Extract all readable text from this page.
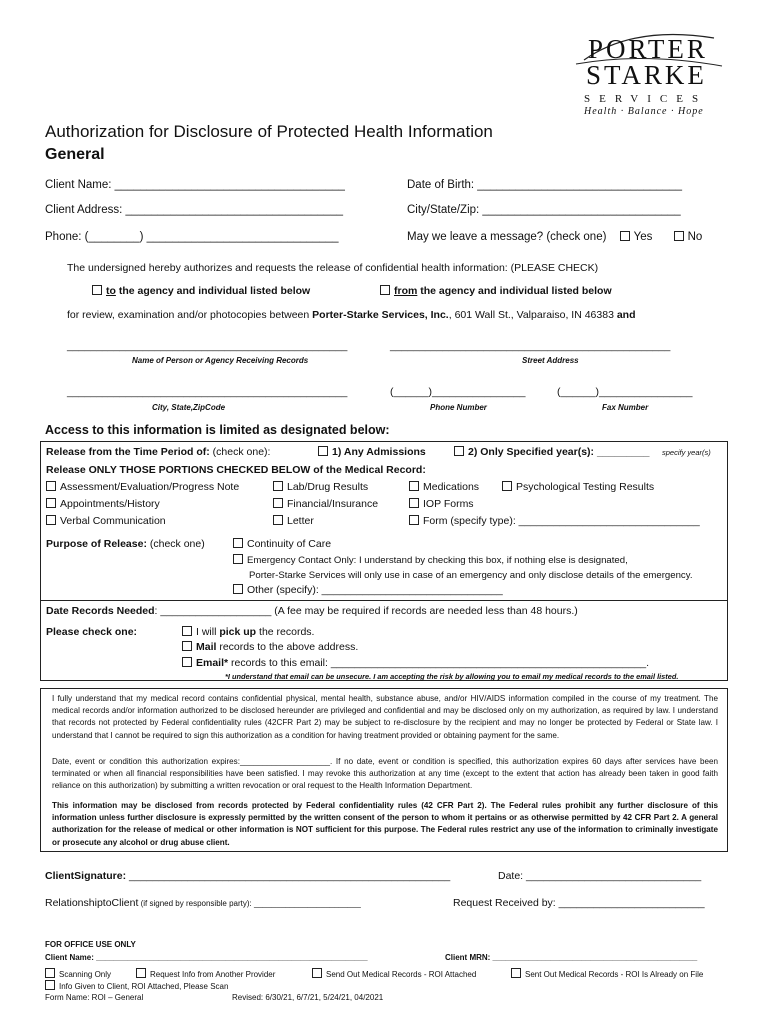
PORTER
STARKE
SERVICES
Health · Balance · Hope
Authorization for Disclosure of Protected Health Information
General
Client Name: ____________________________________	Date of Birth: ________________________________
Client Address: __________________________________	City/State/Zip: _______________________________
Phone: (________) ______________________________	May we leave a message? (check one) Yes	No
The undersigned hereby authorizes and requests the release of confidential health information: (PLEASE CHECK)
to the agency and individual listed below	from the agency and individual listed below
for review, examination and/or photocopies between Porter-Starke Services, Inc., 601 Wall St., Valparaiso, IN 46383 and
________________________________________________	________________________________________________
Name of Person or Agency Receiving Records	Street Address
________________________________________________	(______)________________	(______)________________
City, State,ZipCode	Phone Number	Fax Number
Access to this information is limited as designated below:
Release from the Time Period of: (check one):	1) Any Admissions	2) Only Specified year(s): _________ specify year(s)
Release ONLY THOSE PORTIONS CHECKED BELOW of the Medical Record:
Assessment/Evaluation/Progress Note	Lab/Drug Results	Medications	Psychological Testing Results
Appointments/History	Financial/Insurance	IOP Forms
Verbal Communication	Letter	Form (specify type): _______________________________
Purpose of Release: (check one)	Continuity of Care
Emergency Contact Only: I understand by checking this box, if nothing else is designated,
Porter-Starke Services will only use in case of an emergency and only disclose details of the emergency.
Other (specify): _______________________________
Date Records Needed: ___________________ (A fee may be required if records are needed less than 48 hours.)
Please check one:	I will pick up the records.
Mail records to the above address.
Email* records to this email: ______________________________________________________.
*I understand that email can be unsecure. I am accepting the risk by allowing you to email my medical records to the email listed.
I fully understand that my medical record contains confidential physical, mental health, substance abuse, and/or HIV/AIDS information compiled in the course of my treatment. The medical records and/or information authorized to be disclosed hereunder are privileged and confidential and may be disclosed only on my authorization, as required by law. I understand that records not protected by Federal confidentiality rules (42CFR Part 2) may be subject to re-disclosure by the recipient and may no longer be protected by Federal or State law. I understand that I cannot be required to sign this authorization as a condition for having treatment provided or obtaining payment for the same.
Date, event or condition this authorization expires:____________________. If no date, event or condition is specified, this authorization expires 60 days after services have been terminated or when all financial responsibilities have been satisfied. I may revoke this authorization at any time (except to the extent that action has already been taken in good faith reliance on this authorization) by submitting a written revocation or oral request to the Health Information Department.
This information may be disclosed from records protected by Federal confidentiality rules (42 CFR Part 2). The Federal rules prohibit any further disclosure of this information unless further disclosure is expressly permitted by the written consent of the person to whom it pertains or as otherwise permitted by 42 CFR Part 2. A general authorization for the release of medical or other information is NOT sufficient for this purpose. The Federal rules restrict any use of the information to criminally investigate or prosecute any alcohol or drug abuse client.
ClientSignature: _______________________________________________________	Date: ______________________________
RelationshiptoClient (if signed by responsible party): ________________________	Request Received by: _________________________
FOR OFFICE USE ONLY
Client Name: _____________________________________________________________	Client MRN: ______________________________________________
Scanning Only	Request Info from Another Provider	Send Out Medical Records - ROI Attached	Sent Out Medical Records - ROI Is Already on File
Info Given to Client, ROI Attached, Please Scan
Form Name: ROI – General	Revised: 6/30/21, 6/7/21, 5/24/21, 04/2021
